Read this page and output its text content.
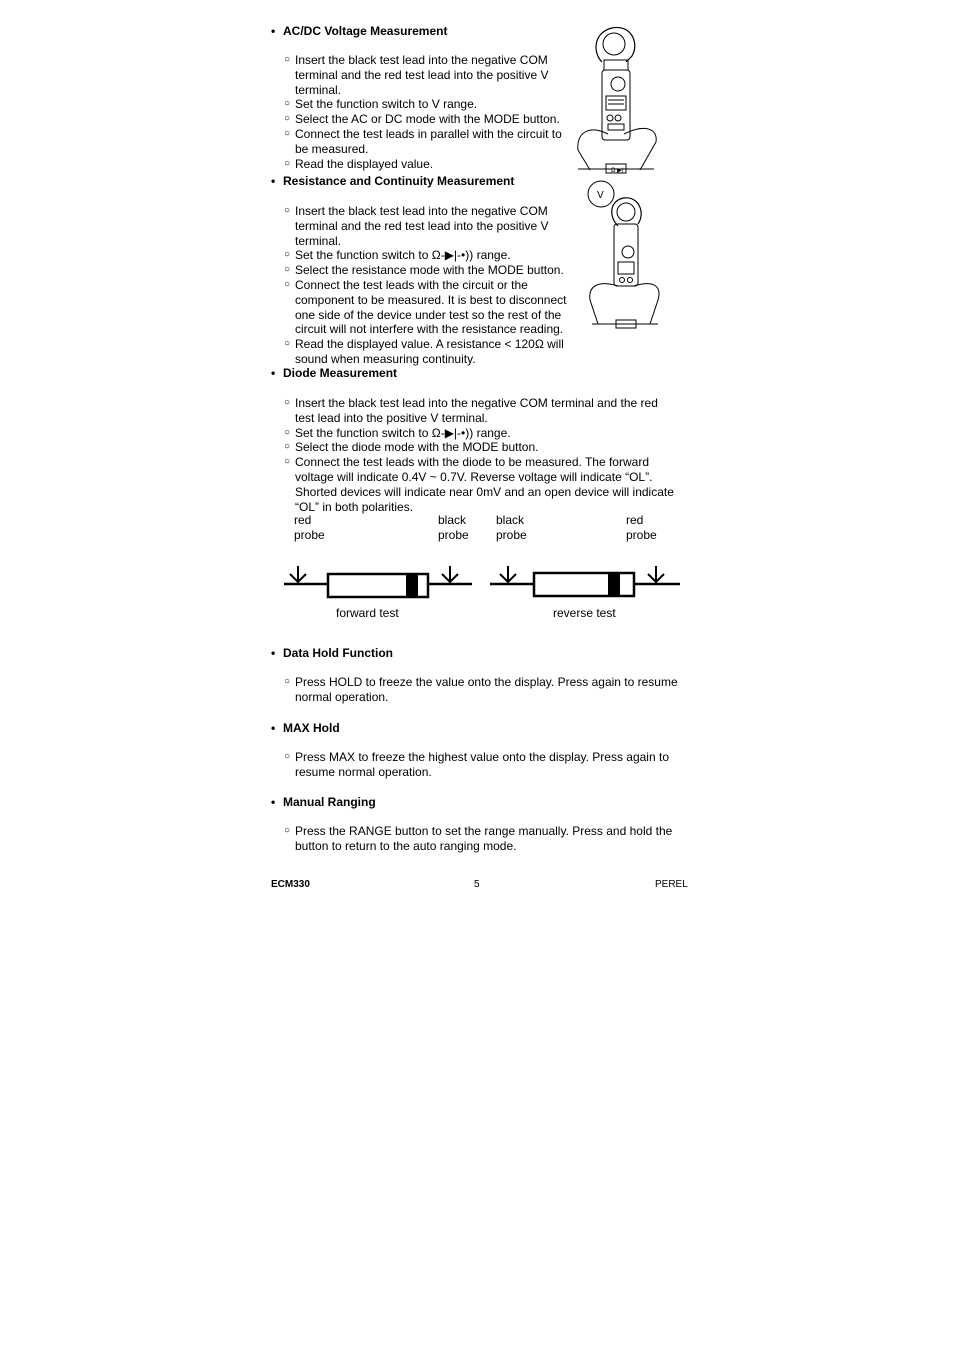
• AC/DC Voltage Measurement
○ Insert the black test lead into the negative COM terminal and the red test lead into the positive V terminal.
○ Set the function switch to V range.
○ Select the AC or DC mode with the MODE button.
○ Connect the test leads in parallel with the circuit to be measured.
○ Read the displayed value.
Ω ▶|
• Resistance and Continuity Measurement
○ Insert the black test lead into the negative COM terminal and the red test lead into the positive V terminal.
○ Set the function switch to Ω-▶|-•)) range.
○ Select the resistance mode with the MODE button.
○ Connect the test leads with the circuit or the component to be measured. It is best to disconnect one side of the device under test so the rest of the circuit will not interfere with the resistance reading.
○ Read the displayed value. A resistance < 120Ω will sound when measuring continuity.
V
• Diode Measurement
○ Insert the black test lead into the negative COM terminal and the red test lead into the positive V terminal.
○ Set the function switch to Ω-▶|-•)) range.
○ Select the diode mode with the MODE button.
○ Connect the test leads with the diode to be measured. The forward voltage will indicate 0.4V ~ 0.7V. Reverse voltage will indicate “OL”. Shorted devices will indicate near 0mV and an open device will indicate “OL” in both polarities.
red
probe
black
probe
black
probe
red
probe
forward test	reverse test
• Data Hold Function
○ Press HOLD to freeze the value onto the display. Press again to resume normal operation.
• MAX Hold
○ Press MAX to freeze the highest value onto the display. Press again to resume normal operation.
• Manual Ranging
○ Press the RANGE button to set the range manually. Press and hold the button to return to the auto ranging mode.
ECM330	5	PEREL
